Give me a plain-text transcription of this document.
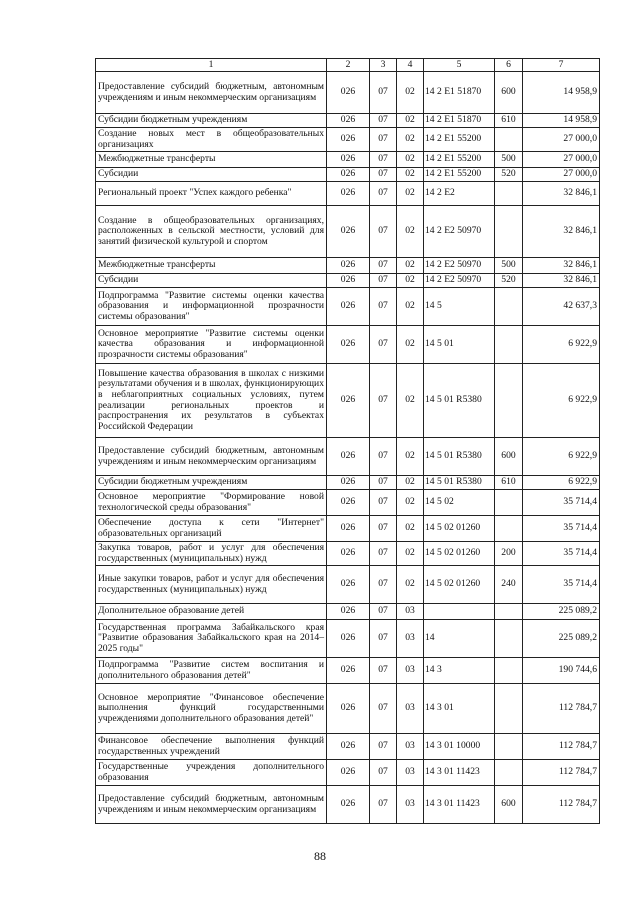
1	2	3	4	5	6	7
Предоставление субсидий бюджетным, автономным учреждениям и иным некоммерческим организациям	026	07	02	14 2 E1 51870	600	14 958,9
Субсидии бюджетным учреждениям	026	07	02	14 2 E1 51870	610	14 958,9
Создание новых мест в общеобразовательных организациях	026	07	02	14 2 E1 55200		27 000,0
Межбюджетные трансферты	026	07	02	14 2 E1 55200	500	27 000,0
Субсидии	026	07	02	14 2 E1 55200	520	27 000,0
Региональный проект "Успех каждого ребенка"	026	07	02	14 2 E2		32 846,1
Создание в общеобразовательных организациях, расположенных в сельской местности, условий для занятий физической культурой и спортом	026	07	02	14 2 E2 50970		32 846,1
Межбюджетные трансферты	026	07	02	14 2 E2 50970	500	32 846,1
Субсидии	026	07	02	14 2 E2 50970	520	32 846,1
Подпрограмма "Развитие системы оценки качества образования и информационной прозрачности системы образования"	026	07	02	14 5		42 637,3
Основное мероприятие "Развитие системы оценки качества образования и информационной прозрачности системы образования"	026	07	02	14 5 01		6 922,9
Повышение качества образования в школах с низкими результатами обучения и в школах, функционирующих в неблагоприятных социальных условиях, путем реализации региональных проектов и распространения их результатов в субъектах Российской Федерации	026	07	02	14 5 01 R5380		6 922,9
Предоставление субсидий бюджетным, автономным учреждениям и иным некоммерческим организациям	026	07	02	14 5 01 R5380	600	6 922,9
Субсидии бюджетным учреждениям	026	07	02	14 5 01 R5380	610	6 922,9
Основное мероприятие "Формирование новой технологической среды образования"	026	07	02	14 5 02		35 714,4
Обеспечение доступа к сети "Интернет" образовательных организаций	026	07	02	14 5 02 01260		35 714,4
Закупка товаров, работ и услуг для обеспечения государственных (муниципальных) нужд	026	07	02	14 5 02 01260	200	35 714,4
Иные закупки товаров, работ и услуг для обеспечения государственных (муниципальных) нужд	026	07	02	14 5 02 01260	240	35 714,4
Дополнительное образование детей	026	07	03			225 089,2
Государственная программа Забайкальского края "Развитие образования Забайкальского края на 2014–2025 годы"	026	07	03	14		225 089,2
Подпрограмма "Развитие систем воспитания и дополнительного образования детей"	026	07	03	14 3		190 744,6
Основное мероприятие "Финансовое обеспечение выполнения функций государственными учреждениями дополнительного образования детей"	026	07	03	14 3 01		112 784,7
Финансовое обеспечение выполнения функций государственных учреждений	026	07	03	14 3 01 10000		112 784,7
Государственные учреждения дополнительного образования	026	07	03	14 3 01 11423		112 784,7
Предоставление субсидий бюджетным, автономным учреждениям и иным некоммерческим организациям	026	07	03	14 3 01 11423	600	112 784,7
88
